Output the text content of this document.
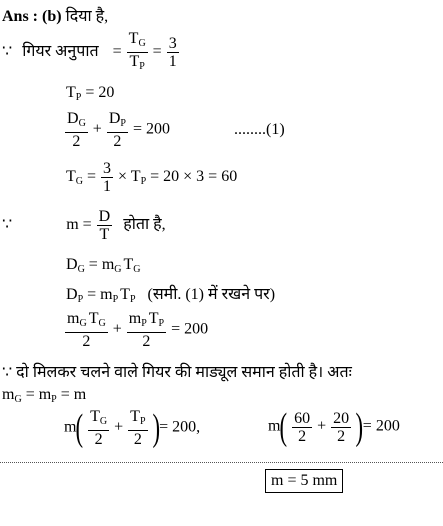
Ans : (b) दिया है,
∵ गियर अनुपात = $\frac{T_G}{T_P} = \frac{3}{1}$
$T_P = 20$
$\frac{D_G}{2} + \frac{D_P}{2} = 200$	........(1)
$T_G = \frac{3}{1} \times T_P = 20 \times 3 = 60$
∵	$m = \frac{D}{T}$ होता है,
$D_G = m_G$ $T_G$
$D_P = m_P$ $T_P$ (समी. (1) में रखने पर)
$\frac{m_G T_G}{2} + \frac{m_P T_P}{2} = 200$
∵ दो मिलकर चलने वाले गियर की माड्यूल समान होती है। अतः
$m_G = m_P = m$
$m( \frac{T_G}{2} + \frac{T_P}{2}$ )= 200,	$m( \frac{60}{2} + \frac{20}{2}$ )= 200
m = 5 mm
